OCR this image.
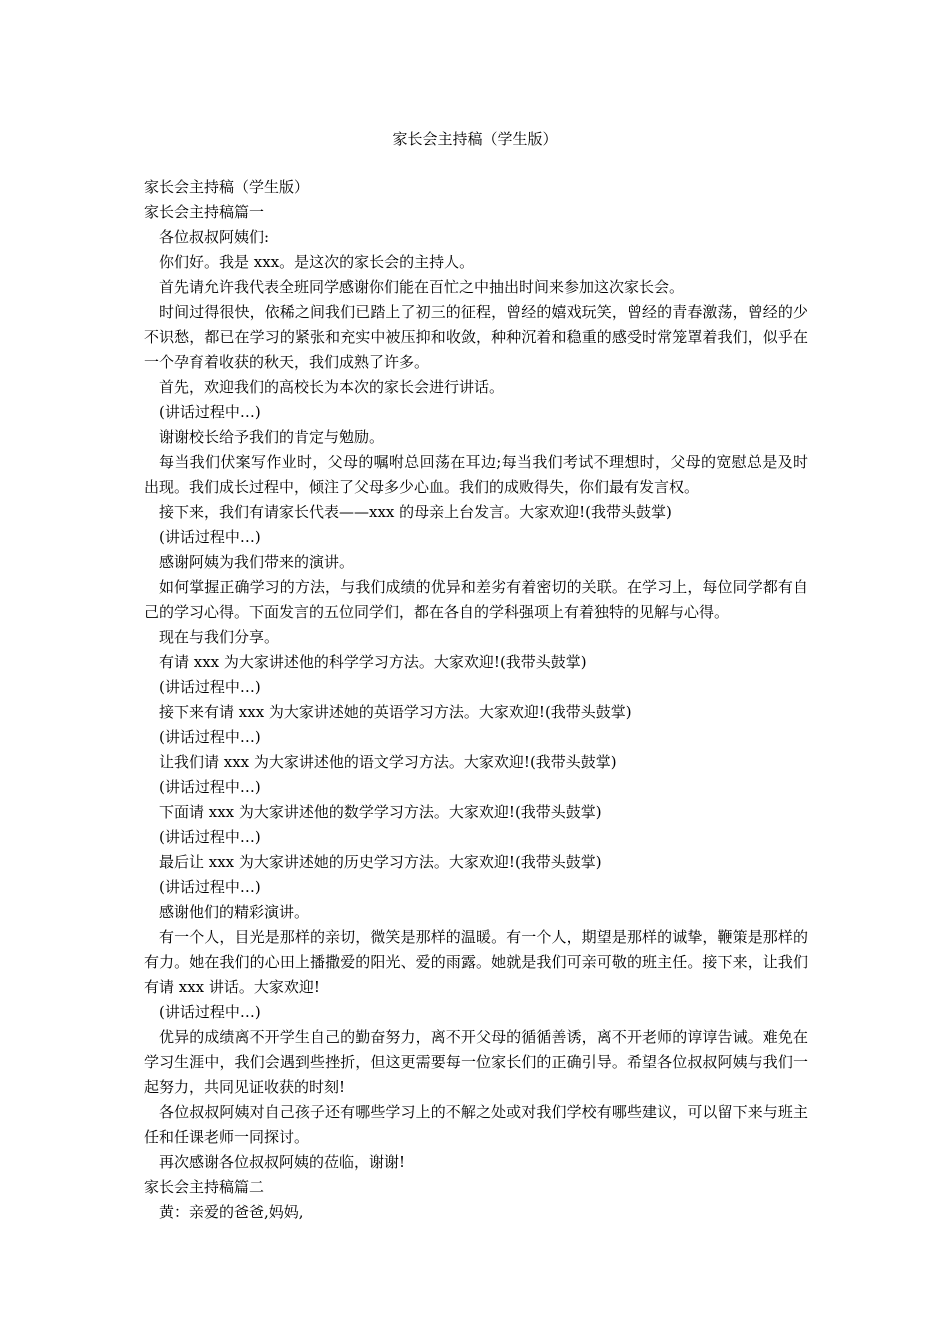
家长会主持稿（学生版）

家长会主持稿（学生版）

家长会主持稿篇一

各位叔叔阿姨们:

你们好。我是 xxx。是这次的家长会的主持人。

首先请允许我代表全班同学感谢你们能在百忙之中抽出时间来参加这次家长会。

时间过得很快，依稀之间我们已踏上了初三的征程，曾经的嬉戏玩笑，曾经的青春激荡，曾经的少不识愁，都已在学习的紧张和充实中被压抑和收敛，种种沉着和稳重的感受时常笼罩着我们，似乎在一个孕育着收获的秋天，我们成熟了许多。

首先，欢迎我们的高校长为本次的家长会进行讲话。

(讲话过程中…)

谢谢校长给予我们的肯定与勉励。

每当我们伏案写作业时，父母的嘱咐总回荡在耳边;每当我们考试不理想时，父母的宽慰总是及时出现。我们成长过程中，倾注了父母多少心血。我们的成败得失，你们最有发言权。

接下来，我们有请家长代表——xxx 的母亲上台发言。大家欢迎!(我带头鼓掌)

(讲话过程中…)

感谢阿姨为我们带来的演讲。

如何掌握正确学习的方法，与我们成绩的优异和差劣有着密切的关联。在学习上，每位同学都有自己的学习心得。下面发言的五位同学们，都在各自的学科强项上有着独特的见解与心得。

现在与我们分享。

有请 xxx 为大家讲述他的科学学习方法。大家欢迎!(我带头鼓掌)

(讲话过程中…)

接下来有请 xxx 为大家讲述她的英语学习方法。大家欢迎!(我带头鼓掌)

(讲话过程中…)

让我们请 xxx 为大家讲述他的语文学习方法。大家欢迎!(我带头鼓掌)

(讲话过程中…)

下面请 xxx 为大家讲述他的数学学习方法。大家欢迎!(我带头鼓掌)

(讲话过程中…)

最后让 xxx 为大家讲述她的历史学习方法。大家欢迎!(我带头鼓掌)

(讲话过程中…)

感谢他们的精彩演讲。

有一个人，目光是那样的亲切，微笑是那样的温暖。有一个人，期望是那样的诚挚，鞭策是那样的有力。她在我们的心田上播撒爱的阳光、爱的雨露。她就是我们可亲可敬的班主任。接下来，让我们有请 xxx 讲话。大家欢迎!

(讲话过程中…)

优异的成绩离不开学生自己的勤奋努力，离不开父母的循循善诱，离不开老师的谆谆告诫。难免在学习生涯中，我们会遇到些挫折，但这更需要每一位家长们的正确引导。希望各位叔叔阿姨与我们一起努力，共同见证收获的时刻!

各位叔叔阿姨对自己孩子还有哪些学习上的不解之处或对我们学校有哪些建议，可以留下来与班主任和任课老师一同探讨。

再次感谢各位叔叔阿姨的莅临，谢谢!

家长会主持稿篇二

黄：亲爱的爸爸,妈妈,
